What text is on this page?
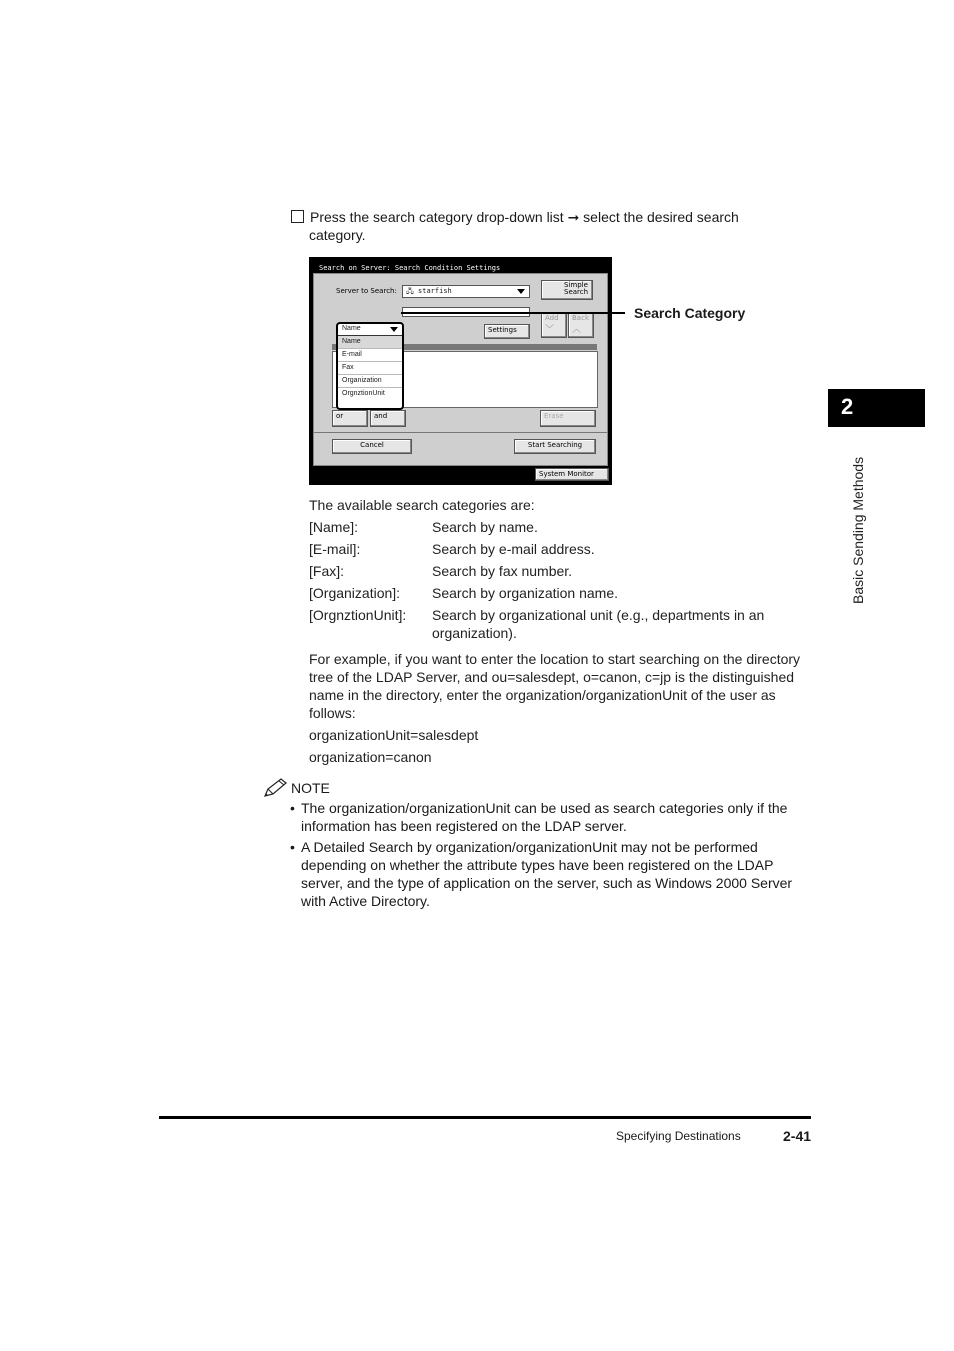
Press the search category drop-down list ➞ select the desired search
category.
Search on Server: Search Condition Settings
Server to Search:	🖧 starfish
Simple
Search
Settings
Add
﹀
Back
︿
or	and	Erase
Cancel	Start Searching
Name
Name
E-mail
Fax
Organization
OrgnztionUnit
System Monitor
Search Category
The available search categories are:
[Name]:	Search by name.
[E-mail]:	Search by e-mail address.
[Fax]:	Search by fax number.
[Organization]: Search by organization name.
[OrgnztionUnit]: Search by organizational unit (e.g., departments in an organization).
For example, if you want to enter the location to start searching on the directory tree of the LDAP Server, and ou=salesdept, o=canon, c=jp is the distinguished name in the directory, enter the organization/organizationUnit of the user as follows:
organizationUnit=salesdept
organization=canon
NOTE
• The organization/organizationUnit can be used as search categories only if the information has been registered on the LDAP server.
• A Detailed Search by organization/organizationUnit may not be performed depending on whether the attribute types have been registered on the LDAP server, and the type of application on the server, such as Windows 2000 Server with Active Directory.
2
Basic Sending Methods
Specifying Destinations	2-41
